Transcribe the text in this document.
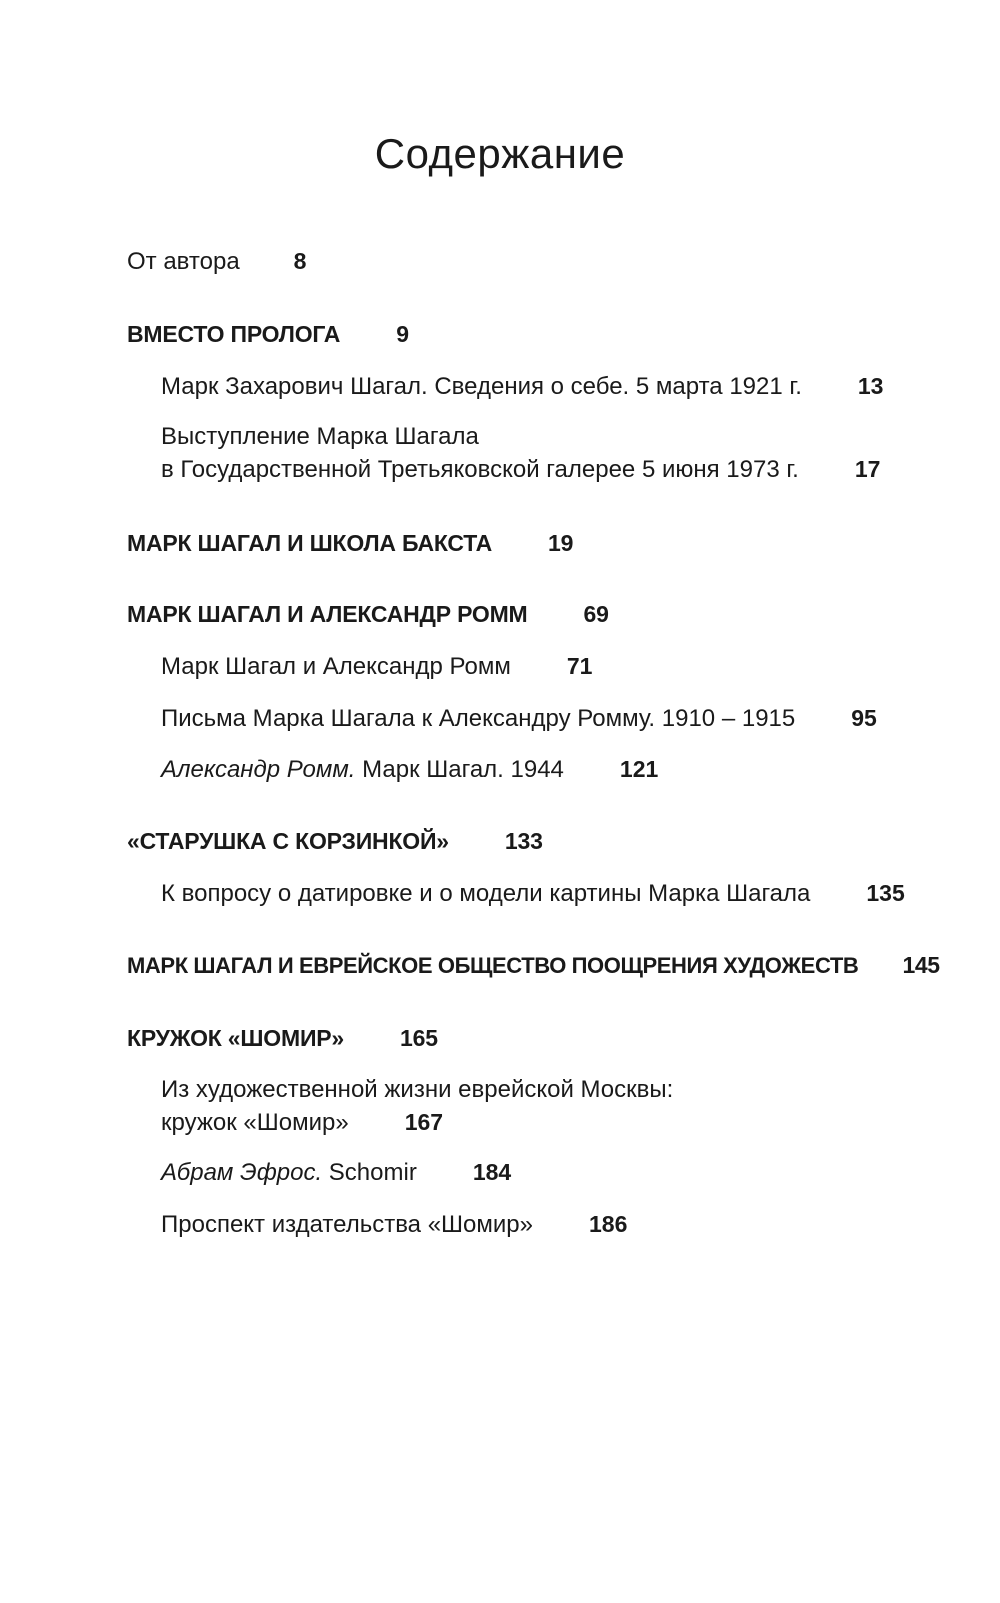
Содержание
От автора 8
ВМЕСТО ПРОЛОГА 9
Марк Захарович Шагал. Сведения о себе. 5 марта 1921 г. 13
Выступление Марка Шагала
в Государственной Третьяковской галерее 5 июня 1973 г. 17
МАРК ШАГАЛ И ШКОЛА БАКСТА 19
МАРК ШАГАЛ И АЛЕКСАНДР РОММ 69
Марк Шагал и Александр Ромм 71
Письма Марка Шагала к Александру Ромму. 1910 – 1915 95
Александр Ромм. Марк Шагал. 1944 121
«СТАРУШКА С КОРЗИНКОЙ» 133
К вопросу о датировке и о модели картины Марка Шагала 135
МАРК ШАГАЛ И ЕВРЕЙСКОЕ ОБЩЕСТВО ПООЩРЕНИЯ ХУДОЖЕСТВ 145
КРУЖОК «ШОМИР» 165
Из художественной жизни еврейской Москвы:
кружок «Шомир» 167
Абрам Эфрос. Schomir 184
Проспект издательства «Шомир» 186
